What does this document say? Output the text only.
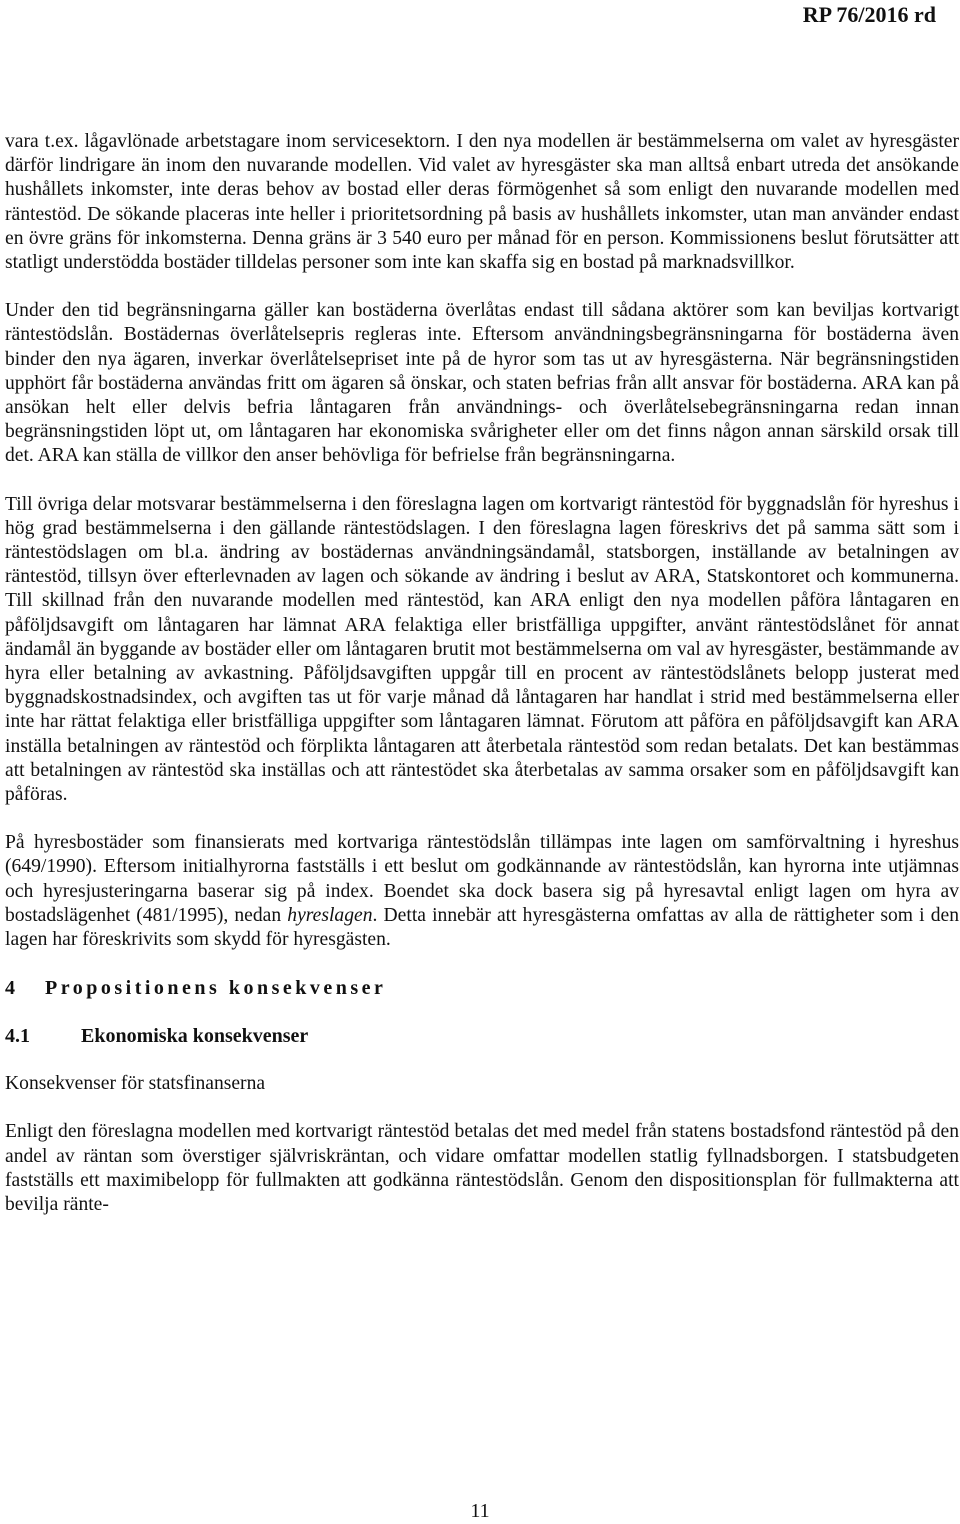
RP 76/2016 rd

vara t.ex. lågavlönade arbetstagare inom servicesektorn. I den nya modellen är bestämmelserna om valet av hyresgäster därför lindrigare än inom den nuvarande modellen. Vid valet av hyresgäster ska man alltså enbart utreda det ansökande hushållets inkomster, inte deras behov av bostad eller deras förmögenhet så som enligt den nuvarande modellen med räntestöd. De sökande placeras inte heller i prioritetsordning på basis av hushållets inkomster, utan man använder endast en övre gräns för inkomsterna. Denna gräns är 3 540 euro per månad för en person. Kommissionens beslut förutsätter att statligt understödda bostäder tilldelas personer som inte kan skaffa sig en bostad på marknadsvillkor.

Under den tid begränsningarna gäller kan bostäderna överlåtas endast till sådana aktörer som kan beviljas kortvarigt räntestödslån. Bostädernas överlåtelsepris regleras inte. Eftersom användningsbegränsningarna för bostäderna även binder den nya ägaren, inverkar överlåtelsepriset inte på de hyror som tas ut av hyresgästerna. När begränsningstiden upphört får bostäderna användas fritt om ägaren så önskar, och staten befrias från allt ansvar för bostäderna. ARA kan på ansökan helt eller delvis befria låntagaren från användnings- och överlåtelsebegränsningarna redan innan begränsningstiden löpt ut, om låntagaren har ekonomiska svårigheter eller om det finns någon annan särskild orsak till det. ARA kan ställa de villkor den anser behövliga för befrielse från begränsningarna.

Till övriga delar motsvarar bestämmelserna i den föreslagna lagen om kortvarigt räntestöd för byggnadslån för hyreshus i hög grad bestämmelserna i den gällande räntestödslagen. I den föreslagna lagen föreskrivs det på samma sätt som i räntestödslagen om bl.a. ändring av bostädernas användningsändamål, statsborgen, inställande av betalningen av räntestöd, tillsyn över efterlevnaden av lagen och sökande av ändring i beslut av ARA, Statskontoret och kommunerna. Till skillnad från den nuvarande modellen med räntestöd, kan ARA enligt den nya modellen påföra låntagaren en påföljdsavgift om låntagaren har lämnat ARA felaktiga eller bristfälliga uppgifter, använt räntestödslånet för annat ändamål än byggande av bostäder eller om låntagaren brutit mot bestämmelserna om val av hyresgäster, bestämmande av hyra eller betalning av avkastning. Påföljdsavgiften uppgår till en procent av räntestödslånets belopp justerat med byggnadskostnadsindex, och avgiften tas ut för varje månad då låntagaren har handlat i strid med bestämmelserna eller inte har rättat felaktiga eller bristfälliga uppgifter som låntagaren lämnat. Förutom att påföra en påföljdsavgift kan ARA inställa betalningen av räntestöd och förplikta låntagaren att återbetala räntestöd som redan betalats. Det kan bestämmas att betalningen av räntestöd ska inställas och att räntestödet ska återbetalas av samma orsaker som en påföljdsavgift kan påföras.

På hyresbostäder som finansierats med kortvariga räntestödslån tillämpas inte lagen om samförvaltning i hyreshus (649/1990). Eftersom initialhyrorna fastställs i ett beslut om godkännande av räntestödslån, kan hyrorna inte utjämnas och hyresjusteringarna baserar sig på index. Boendet ska dock basera sig på hyresavtal enligt lagen om hyra av bostadslägenhet (481/1995), nedan hyreslagen. Detta innebär att hyresgästerna omfattas av alla de rättigheter som i den lagen har föreskrivits som skydd för hyresgästen.

4 Propositionens konsekvenser
4.1	Ekonomiska konsekvenser
Konsekvenser för statsfinanserna

Enligt den föreslagna modellen med kortvarigt räntestöd betalas det med medel från statens bostadsfond räntestöd på den andel av räntan som överstiger självriskräntan, och vidare omfattar modellen statlig fyllnadsborgen. I statsbudgeten fastställs ett maximibelopp för fullmakten att godkänna räntestödslån. Genom den dispositionsplan för fullmakterna att bevilja ränte-

11
